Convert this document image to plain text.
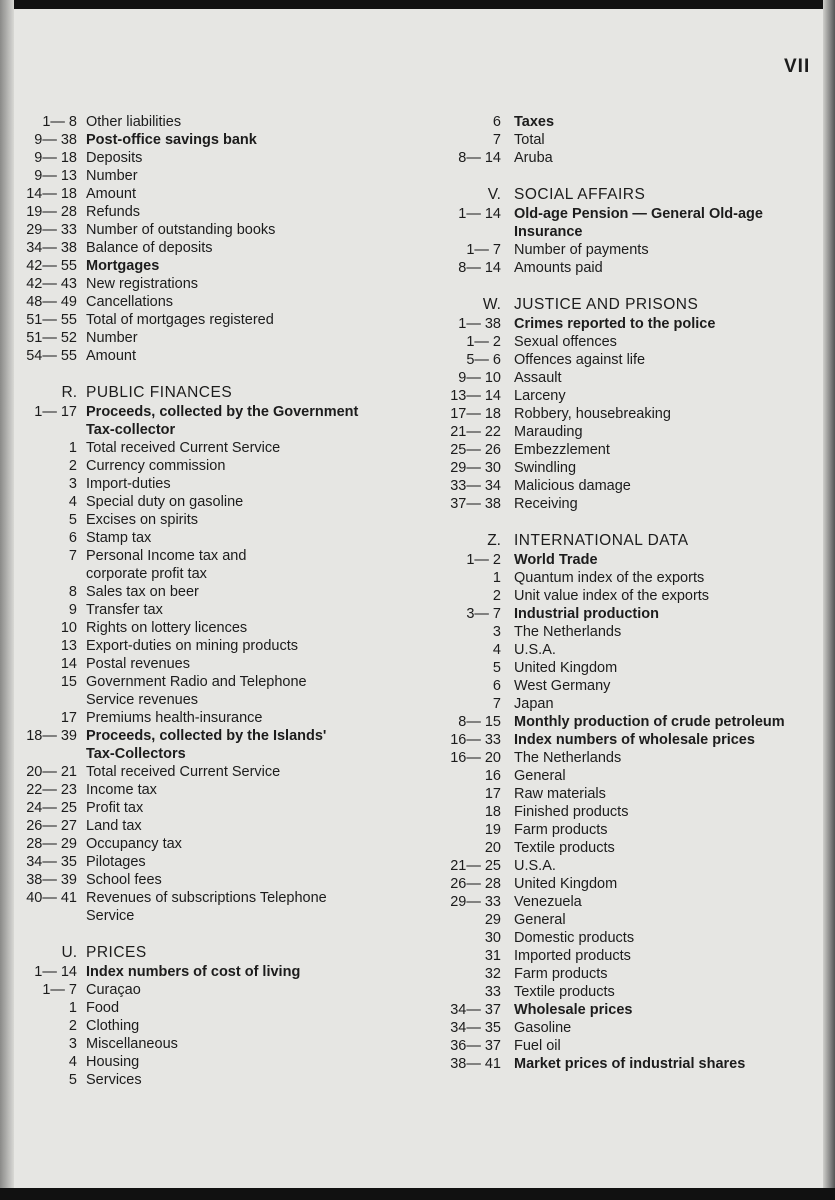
VII
1— 8 Other liabilities
9— 38 Post-office savings bank
9— 18 Deposits
9— 13 Number
14— 18 Amount
19— 28 Refunds
29— 33 Number of outstanding books
34— 38 Balance of deposits
42— 55 Mortgages
42— 43 New registrations
48— 49 Cancellations
51— 55 Total of mortgages registered
51— 52 Number
54— 55 Amount
R. PUBLIC FINANCES
1— 17 Proceeds, collected by the Government
Tax-collector
1 Total received Current Service
2 Currency commission
3 Import-duties
4 Special duty on gasoline
5 Excises on spirits
6 Stamp tax
7 Personal Income tax and
corporate profit tax
8 Sales tax on beer
9 Transfer tax
10 Rights on lottery licences
13 Export-duties on mining products
14 Postal revenues
15 Government Radio and Telephone
Service revenues
17 Premiums health-insurance
18— 39 Proceeds, collected by the Islands'
Tax-Collectors
20— 21 Total received Current Service
22— 23 Income tax
24— 25 Profit tax
26— 27 Land tax
28— 29 Occupancy tax
34— 35 Pilotages
38— 39 School fees
40— 41 Revenues of subscriptions Telephone
Service
U. PRICES
1— 14 Index numbers of cost of living
1— 7 Curaçao
1 Food
2 Clothing
3 Miscellaneous
4 Housing
5 Services
6 Taxes
7 Total
8— 14 Aruba
V. SOCIAL AFFAIRS
1— 14 Old-age Pension — General Old-age
Insurance
1— 7 Number of payments
8— 14 Amounts paid
W. JUSTICE AND PRISONS
1— 38 Crimes reported to the police
1— 2 Sexual offences
5— 6 Offences against life
9— 10 Assault
13— 14 Larceny
17— 18 Robbery, housebreaking
21— 22 Marauding
25— 26 Embezzlement
29— 30 Swindling
33— 34 Malicious damage
37— 38 Receiving
Z. INTERNATIONAL DATA
1— 2 World Trade
1 Quantum index of the exports
2 Unit value index of the exports
3— 7 Industrial production
3 The Netherlands
4 U.S.A.
5 United Kingdom
6 West Germany
7 Japan
8— 15 Monthly production of crude petroleum
16— 33 Index numbers of wholesale prices
16— 20 The Netherlands
16 General
17 Raw materials
18 Finished products
19 Farm products
20 Textile products
21— 25 U.S.A.
26— 28 United Kingdom
29— 33 Venezuela
29 General
30 Domestic products
31 Imported products
32 Farm products
33 Textile products
34— 37 Wholesale prices
34— 35 Gasoline
36— 37 Fuel oil
38— 41 Market prices of industrial shares
